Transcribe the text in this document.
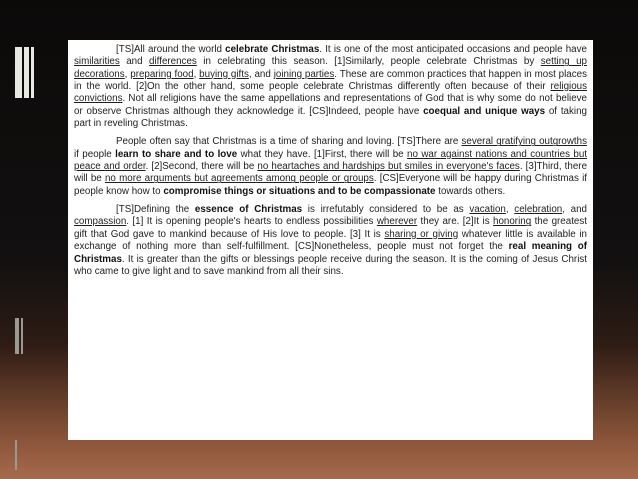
[TS]All around the world celebrate Christmas. It is one of the most anticipated occasions and people have similarities and differences in celebrating this season. [1]Similarly, people celebrate Christmas by setting up decorations, preparing food, buying gifts, and joining parties. These are common practices that happen in most places in the world. [2]On the other hand, some people celebrate Christmas differently often because of their religious convictions. Not all religions have the same appellations and representations of God that is why some do not believe or observe Christmas although they acknowledge it. [CS]Indeed, people have coequal and unique ways of taking part in reveling Christmas.

People often say that Christmas is a time of sharing and loving. [TS]There are several gratifying outgrowths if people learn to share and to love what they have. [1]First, there will be no war against nations and countries but peace and order. [2]Second, there will be no heartaches and hardships but smiles in everyone's faces. [3]Third, there will be no more arguments but agreements among people or groups. [CS]Everyone will be happy during Christmas if people know how to compromise things or situations and to be compassionate towards others.

[TS]Defining the essence of Christmas is irrefutably considered to be as vacation, celebration, and compassion. [1] It is opening people's hearts to endless possibilities wherever they are. [2]It is honoring the greatest gift that God gave to mankind because of His love to people. [3] It is sharing or giving whatever little is available in exchange of nothing more than self-fulfillment. [CS]Nonetheless, people must not forget the real meaning of Christmas. It is greater than the gifts or blessings people receive during the season. It is the coming of Jesus Christ who came to give light and to save mankind from all their sins.
